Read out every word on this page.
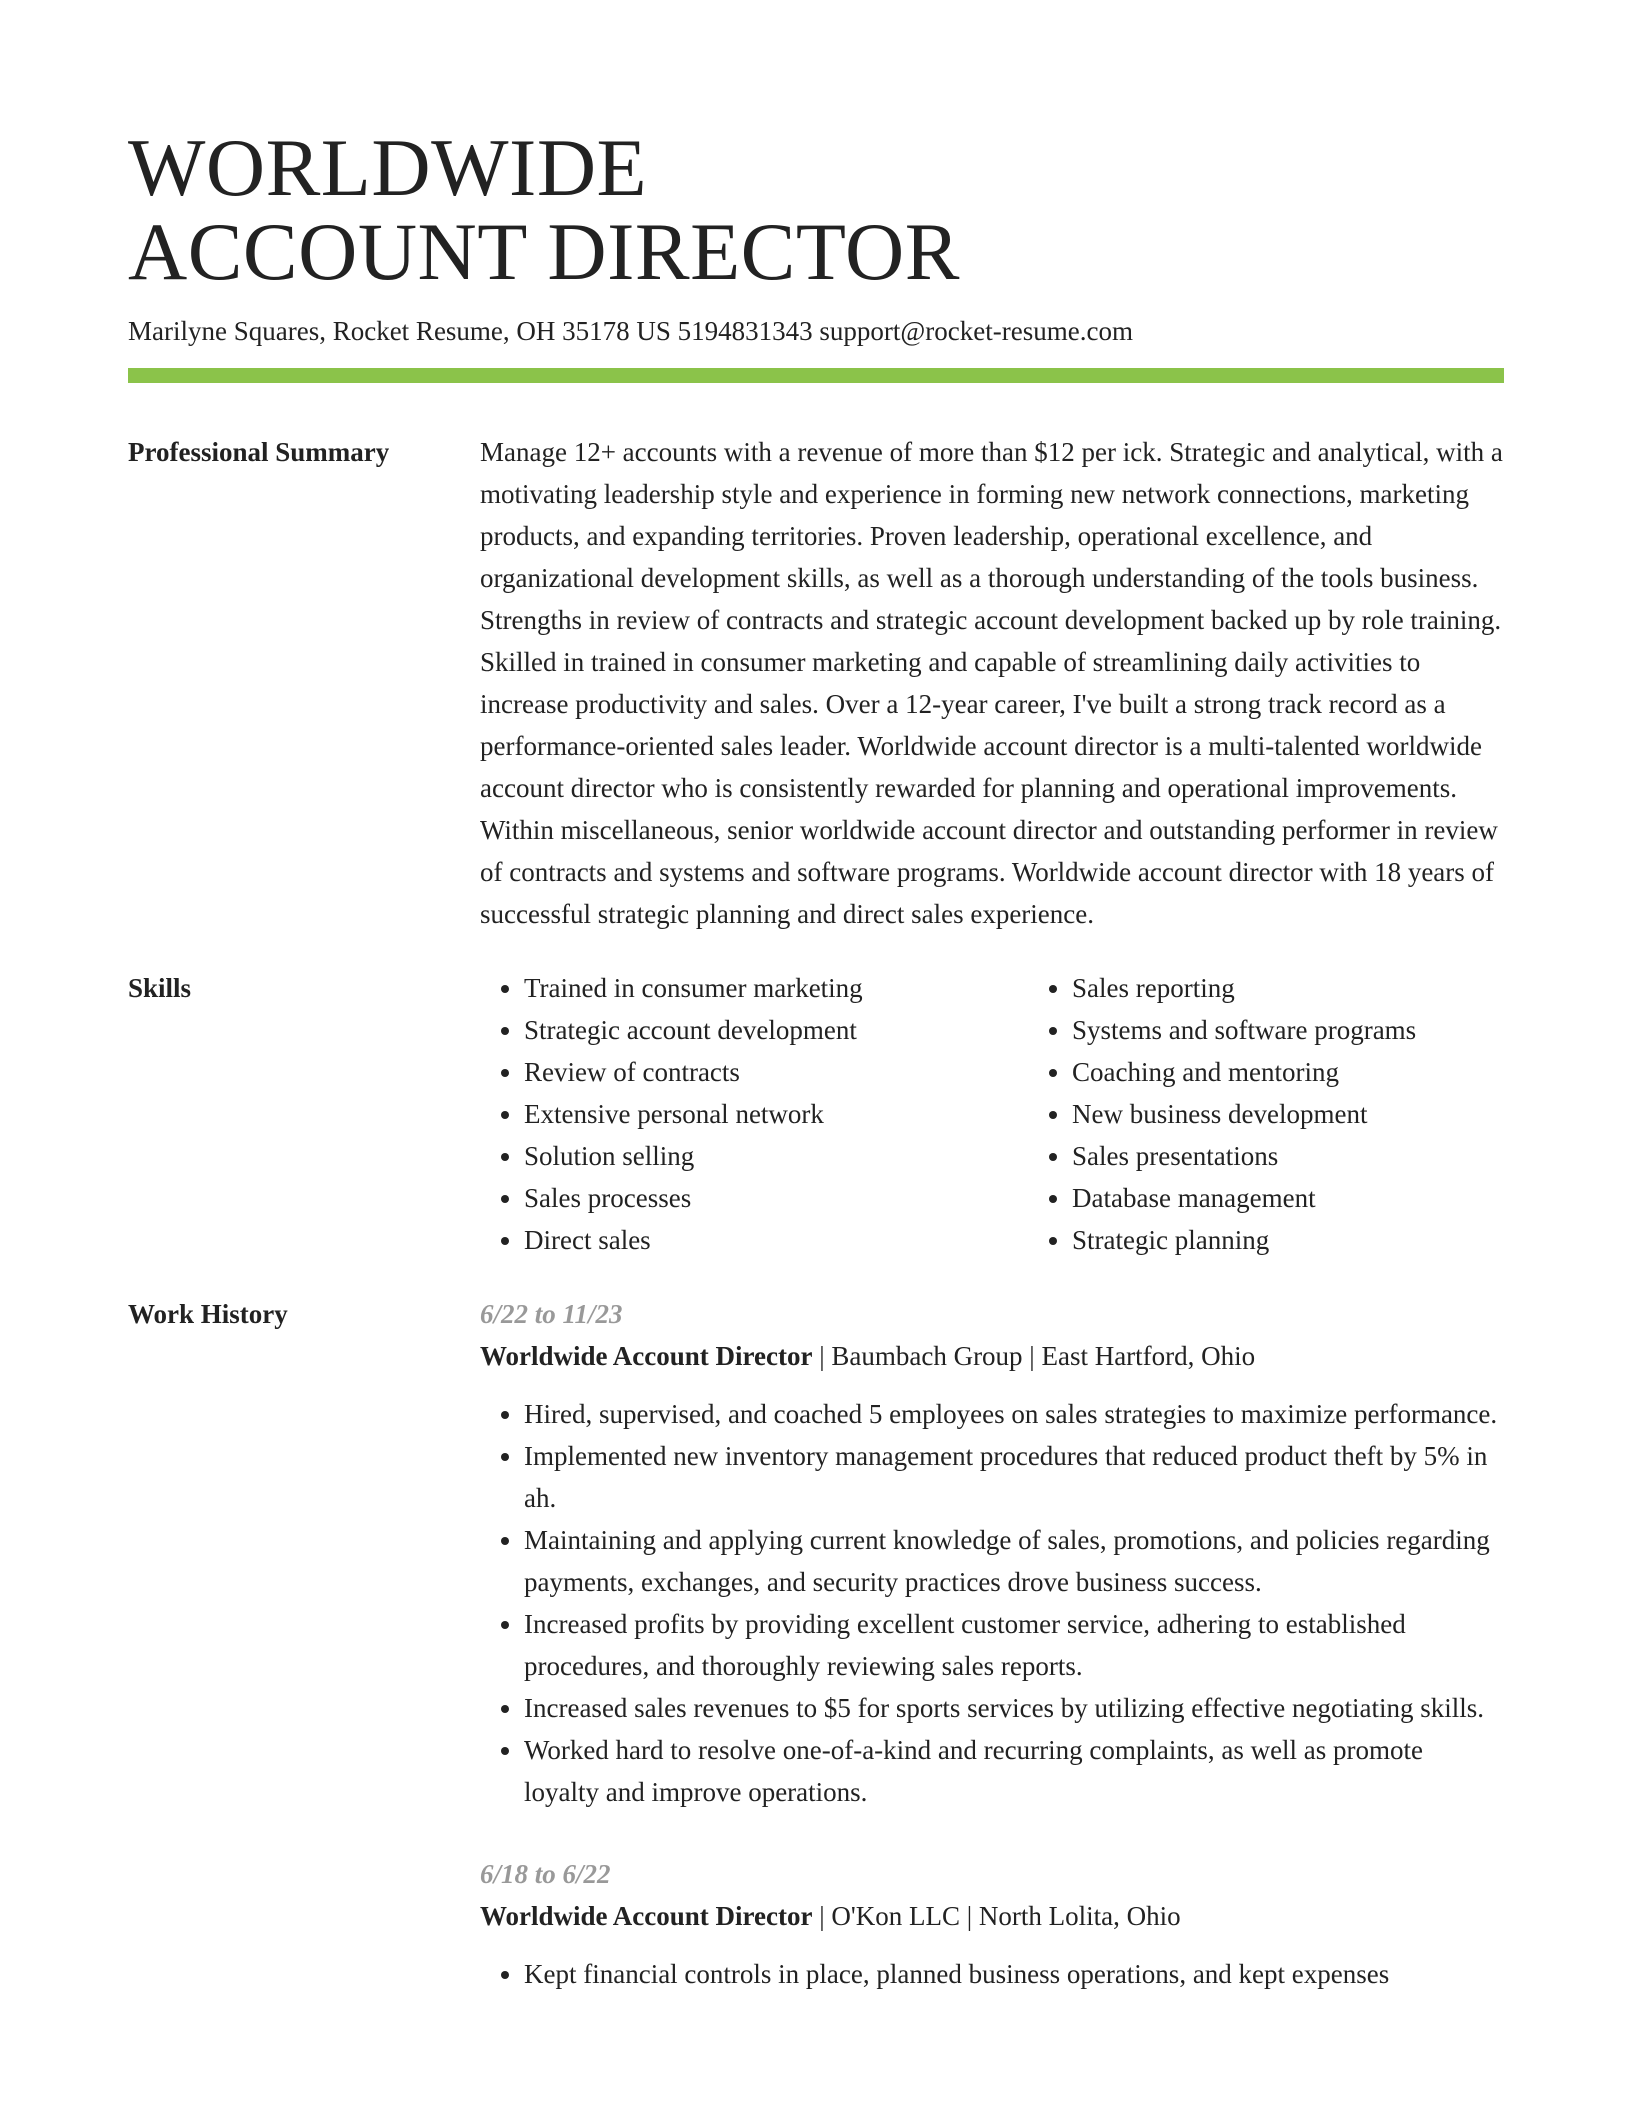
WORLDWIDE
ACCOUNT DIRECTOR
Marilyne Squares, Rocket Resume, OH 35178 US 5194831343 support@rocket-resume.com
Professional Summary	Manage 12+ accounts with a revenue of more than $12 per ick. Strategic and analytical, with a motivating leadership style and experience in forming new network connections, marketing products, and expanding territories. Proven leadership, operational excellence, and organizational development skills, as well as a thorough understanding of the tools business. Strengths in review of contracts and strategic account development backed up by role training. Skilled in trained in consumer marketing and capable of streamlining daily activities to increase productivity and sales. Over a 12-year career, I've built a strong track record as a performance-oriented sales leader. Worldwide account director is a multi-talented worldwide account director who is consistently rewarded for planning and operational improvements. Within miscellaneous, senior worldwide account director and outstanding performer in review of contracts and systems and software programs. Worldwide account director with 18 years of successful strategic planning and direct sales experience.
Skills
•	Trained in consumer marketing
• Strategic account development
• Review of contracts
• Extensive personal network
• Solution selling
• Sales processes
• Direct sales
• Sales reporting
• Systems and software programs
• Coaching and mentoring
• New business development
• Sales presentations
• Database management
• Strategic planning
Work History	6/22 to 11/23
Worldwide Account Director | Baumbach Group | East Hartford, Ohio
• Hired, supervised, and coached 5 employees on sales strategies to maximize performance.
• Implemented new inventory management procedures that reduced product theft by 5% in ah.
• Maintaining and applying current knowledge of sales, promotions, and policies regarding payments, exchanges, and security practices drove business success.
• Increased profits by providing excellent customer service, adhering to established procedures, and thoroughly reviewing sales reports.
• Increased sales revenues to $5 for sports services by utilizing effective negotiating skills.
• Worked hard to resolve one-of-a-kind and recurring complaints, as well as promote loyalty and improve operations.
6/18 to 6/22
Worldwide Account Director | O'Kon LLC | North Lolita, Ohio
• Kept financial controls in place, planned business operations, and kept expenses
